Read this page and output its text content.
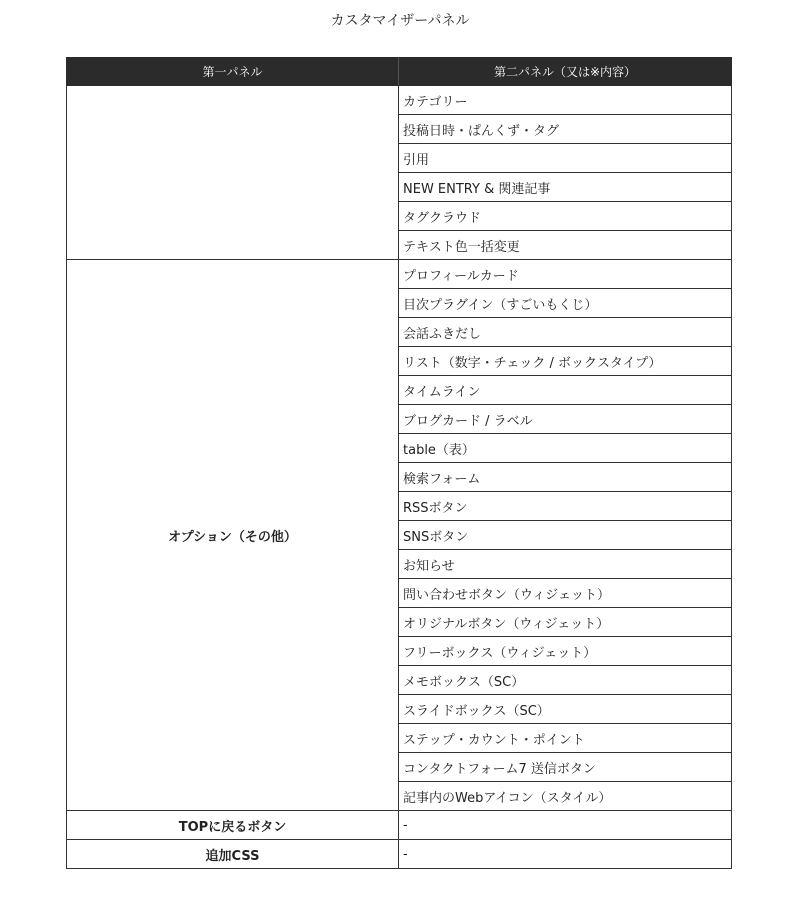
カスタマイザーパネル
第一パネル	第二パネル（又は※内容）
	カテゴリー
	投稿日時・ぱんくず・タグ
	引用
	NEW ENTRY & 関連記事
	タグクラウド
	テキスト色一括変更
オプション（その他）	プロフィールカード
	目次プラグイン（すごいもくじ）
	会話ふきだし
	リスト（数字・チェック / ボックスタイプ）
	タイムライン
	ブログカード / ラベル
	table（表）
	検索フォーム
	RSSボタン
	SNSボタン
	お知らせ
	問い合わせボタン（ウィジェット）
	オリジナルボタン（ウィジェット）
	フリーボックス（ウィジェット）
	メモボックス（SC）
	スライドボックス（SC）
	ステップ・カウント・ポイント
	コンタクトフォーム7 送信ボタン
	記事内のWebアイコン（スタイル）
TOPに戻るボタン	-
追加CSS	-
